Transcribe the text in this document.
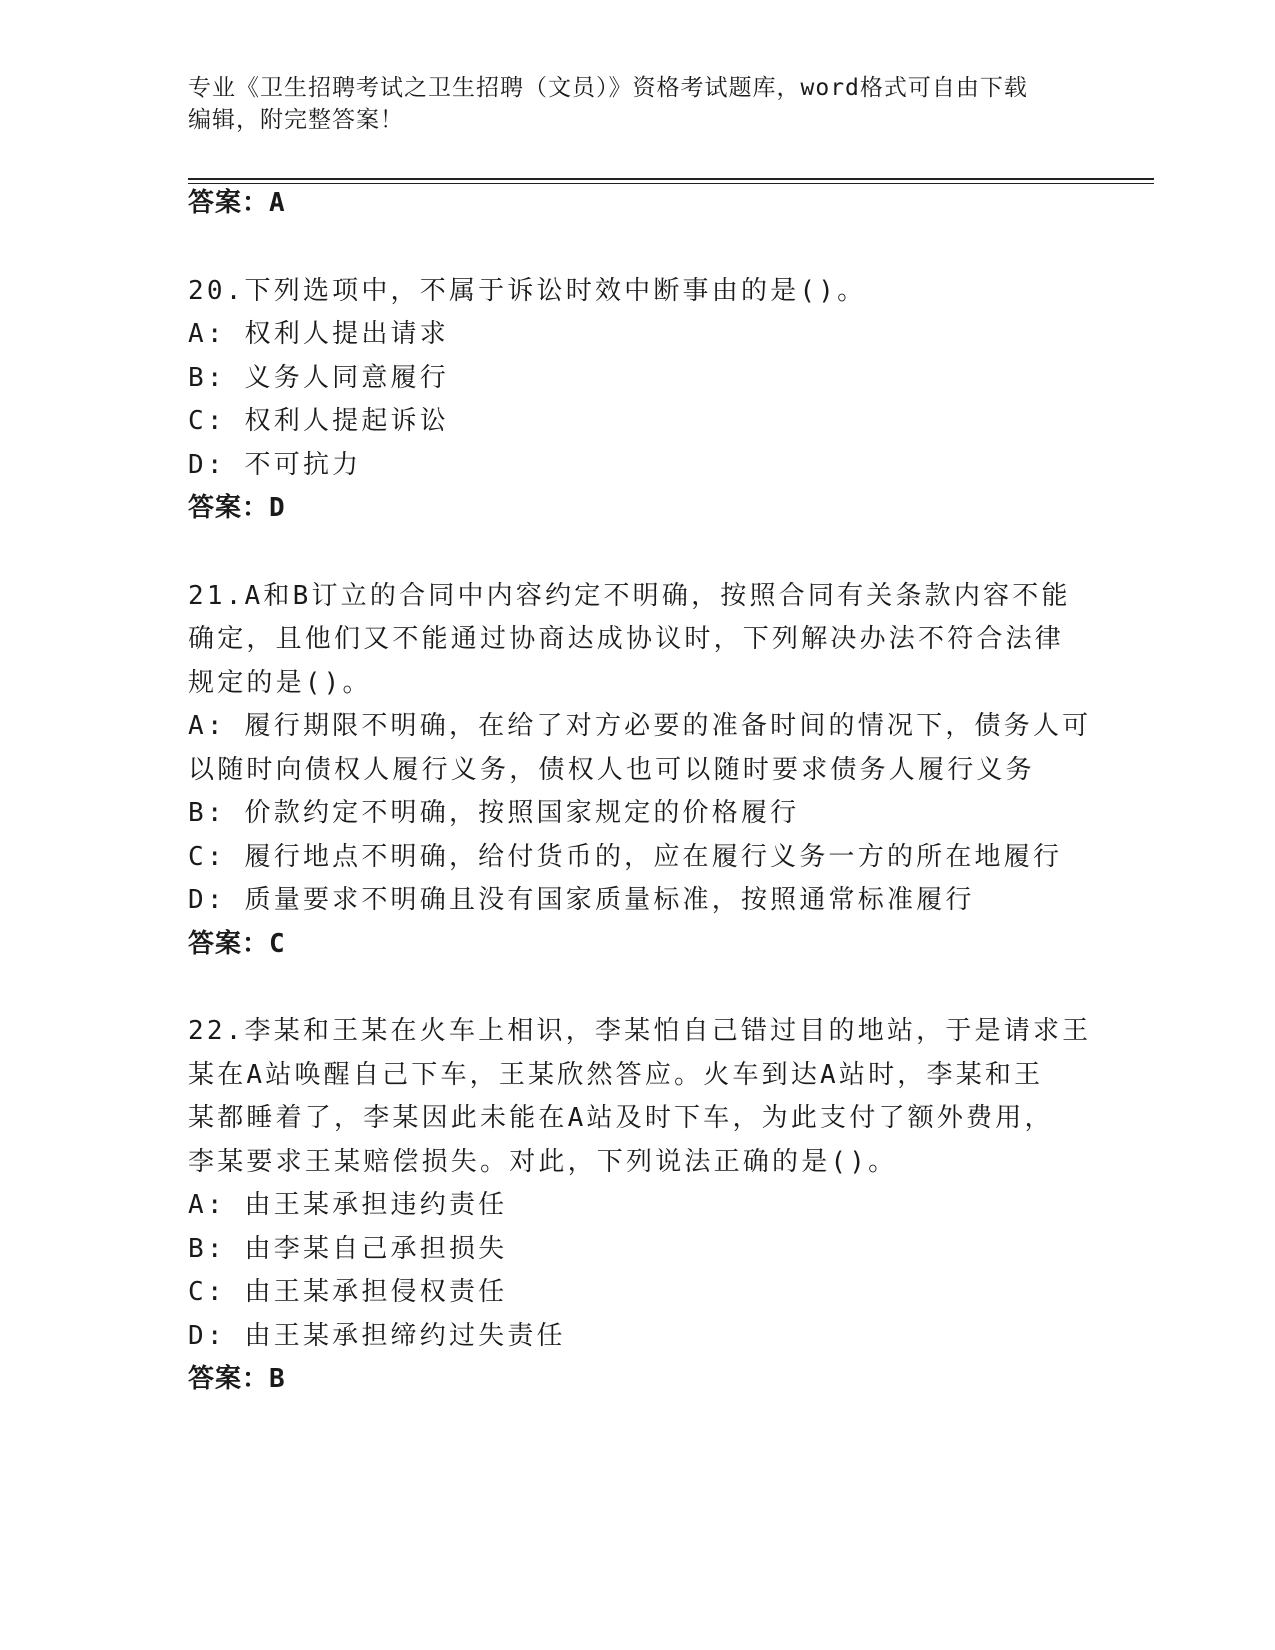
专业《卫生招聘考试之卫生招聘（文员）》资格考试题库，word格式可自由下载
编辑，附完整答案！
答案：A
20.下列选项中，不属于诉讼时效中断事由的是()。
A: 权利人提出请求
B: 义务人同意履行
C: 权利人提起诉讼
D: 不可抗力
答案：D
21.A和B订立的合同中内容约定不明确，按照合同有关条款内容不能
确定，且他们又不能通过协商达成协议时，下列解决办法不符合法律
规定的是()。
A: 履行期限不明确，在给了对方必要的准备时间的情况下，债务人可
以随时向债权人履行义务，债权人也可以随时要求债务人履行义务
B: 价款约定不明确，按照国家规定的价格履行
C: 履行地点不明确，给付货币的，应在履行义务一方的所在地履行
D: 质量要求不明确且没有国家质量标准，按照通常标准履行
答案：C
22.李某和王某在火车上相识，李某怕自己错过目的地站，于是请求王
某在A站唤醒自己下车，王某欣然答应。火车到达A站时，李某和王
某都睡着了，李某因此未能在A站及时下车，为此支付了额外费用，
李某要求王某赔偿损失。对此，下列说法正确的是()。
A: 由王某承担违约责任
B: 由李某自己承担损失
C: 由王某承担侵权责任
D: 由王某承担缔约过失责任
答案：B
